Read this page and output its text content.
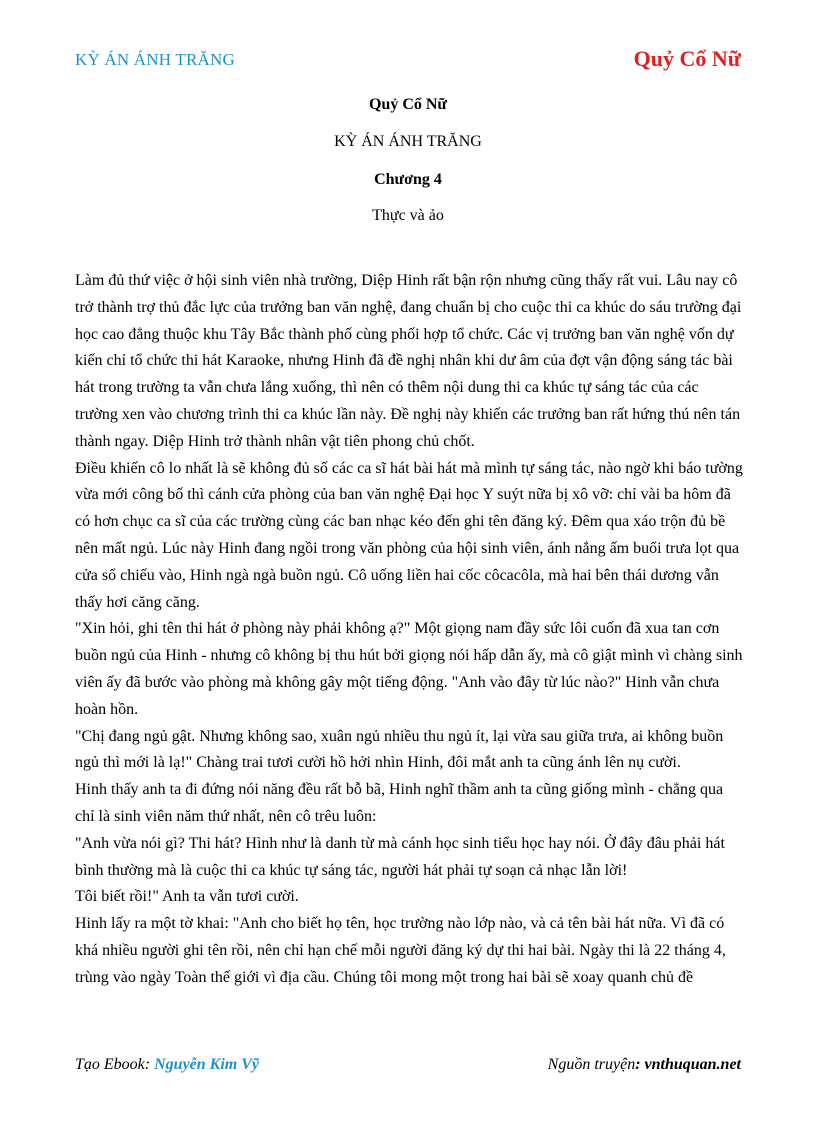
KỲ ÁN ÁNH TRĂNG	Quỷ Cổ Nữ
Quỷ Cổ Nữ
KỲ ÁN ÁNH TRĂNG
Chương 4
Thực và ảo

Làm đủ thứ việc ở hội sinh viên nhà trường, Diệp Hinh rất bận rộn nhưng cũng thấy rất vui. Lâu nay cô trở thành trợ thủ đắc lực của trưởng ban văn nghệ, đang chuẩn bị cho cuộc thi ca khúc do sáu trường đại học cao đẳng thuộc khu Tây Bắc thành phố cùng phối hợp tổ chức. Các vị trưởng ban văn nghệ vốn dự kiến chỉ tổ chức thi hát Karaoke, nhưng Hinh đã đề nghị nhân khi dư âm của đợt vận động sáng tác bài hát trong trường ta vẫn chưa lắng xuống, thì nên có thêm nội dung thi ca khúc tự sáng tác của các trường xen vào chương trình thi ca khúc lần này. Đề nghị này khiến các trưởng ban rất hứng thú nên tán thành ngay. Diệp Hinh trở thành nhân vật tiên phong chủ chốt.

Điều khiến cô lo nhất là sẽ không đủ số các ca sĩ hát bài hát mà mình tự sáng tác, nào ngờ khi báo tường vừa mới công bố thì cánh cửa phòng của ban văn nghệ Đại học Y suýt nữa bị xô vỡ: chỉ vài ba hôm đã có hơn chục ca sĩ của các trường cùng các ban nhạc kéo đến ghi tên đăng ký. Đêm qua xáo trộn đủ bề nên mất ngủ. Lúc này Hinh đang ngồi trong văn phòng của hội sinh viên, ánh nắng ấm buổi trưa lọt qua cửa sổ chiếu vào, Hinh ngà ngà buồn ngủ. Cô uống liền hai cốc côcacôla, mà hai bên thái dương vẫn thấy hơi căng căng.

"Xin hỏi, ghi tên thi hát ở phòng này phải không ạ?" Một giọng nam đầy sức lôi cuốn đã xua tan cơn buồn ngủ của Hinh - nhưng cô không bị thu hút bởi giọng nói hấp dẫn ấy, mà cô giật mình vì chàng sinh viên ấy đã bước vào phòng mà không gây một tiếng động. "Anh vào đây từ lúc nào?" Hinh vẫn chưa hoàn hồn.

"Chị đang ngủ gật. Nhưng không sao, xuân ngủ nhiều thu ngủ ít, lại vừa sau giữa trưa, ai không buồn ngủ thì mới là lạ!" Chàng trai tươi cười hồ hởi nhìn Hinh, đôi mắt anh ta cũng ánh lên nụ cười.

Hinh thấy anh ta đi đứng nói năng đều rất bỗ bã, Hinh nghĩ thầm anh ta cũng giống mình - chẳng qua chỉ là sinh viên năm thứ nhất, nên cô trêu luôn:

"Anh vừa nói gì? Thi hát? Hình như là danh từ mà cánh học sinh tiểu học hay nói. Ở đây đâu phải hát bình thường mà là cuộc thi ca khúc tự sáng tác, người hát phải tự soạn cả nhạc lẫn lời!

Tôi biết rồi!" Anh ta vẫn tươi cười.

Hinh lấy ra một tờ khai: "Anh cho biết họ tên, học trường nào lớp nào, và cả tên bài hát nữa. Vì đã có khá nhiều người ghi tên rồi, nên chỉ hạn chế mỗi người đăng ký dự thi hai bài. Ngày thi là 22 tháng 4, trùng vào ngày Toàn thế giới vì địa cầu. Chúng tôi mong một trong hai bài sẽ xoay quanh chủ đề

Tạo Ebook: Nguyễn Kim Vỹ	Nguồn truyện: vnthuquan.net
